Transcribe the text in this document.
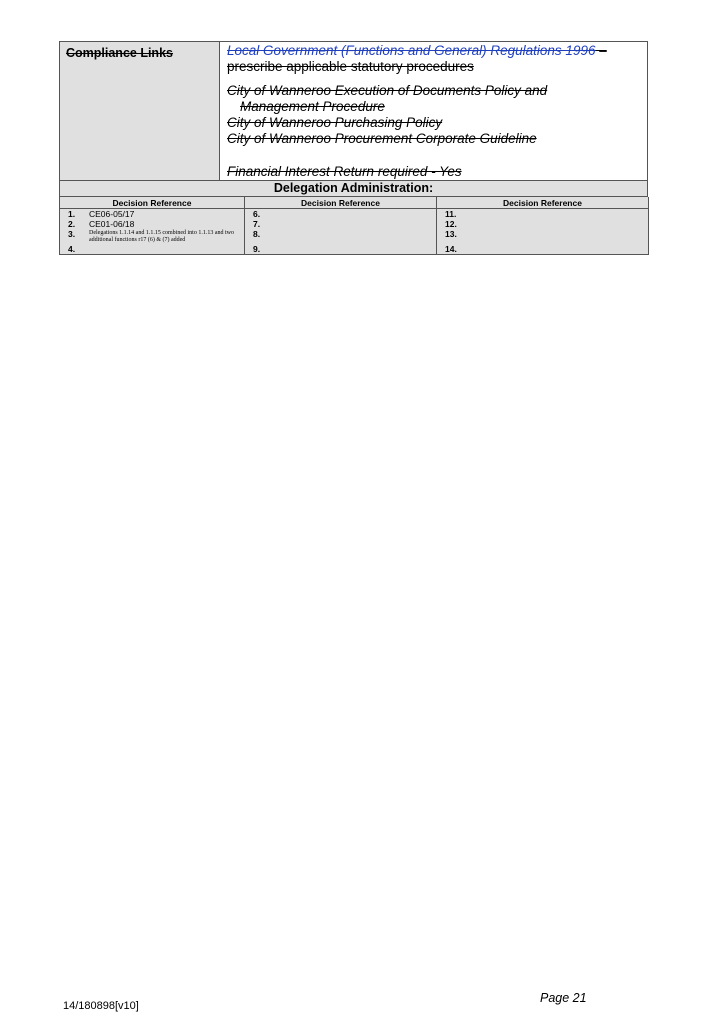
Compliance Links	Local Government (Functions and General) Regulations 1996 –
prescribe applicable statutory procedures

City of Wanneroo Execution of Documents Policy and
Management Procedure
City of Wanneroo Purchasing Policy
City of Wanneroo Procurement Corporate Guideline
Financial Interest Return required - Yes
Delegation Administration:
Decision Reference	Decision Reference	Decision Reference
1. CE06-05/17	6.	11.
2. CE01-06/18	7.	12.
3. Delegations 1.1.14 and 1.1.15 combined into 1.1.13 and two additional functions r17 (6) & (7) added	8.	13.
4.	9.	14.
Page 21
14/180898[v10]
